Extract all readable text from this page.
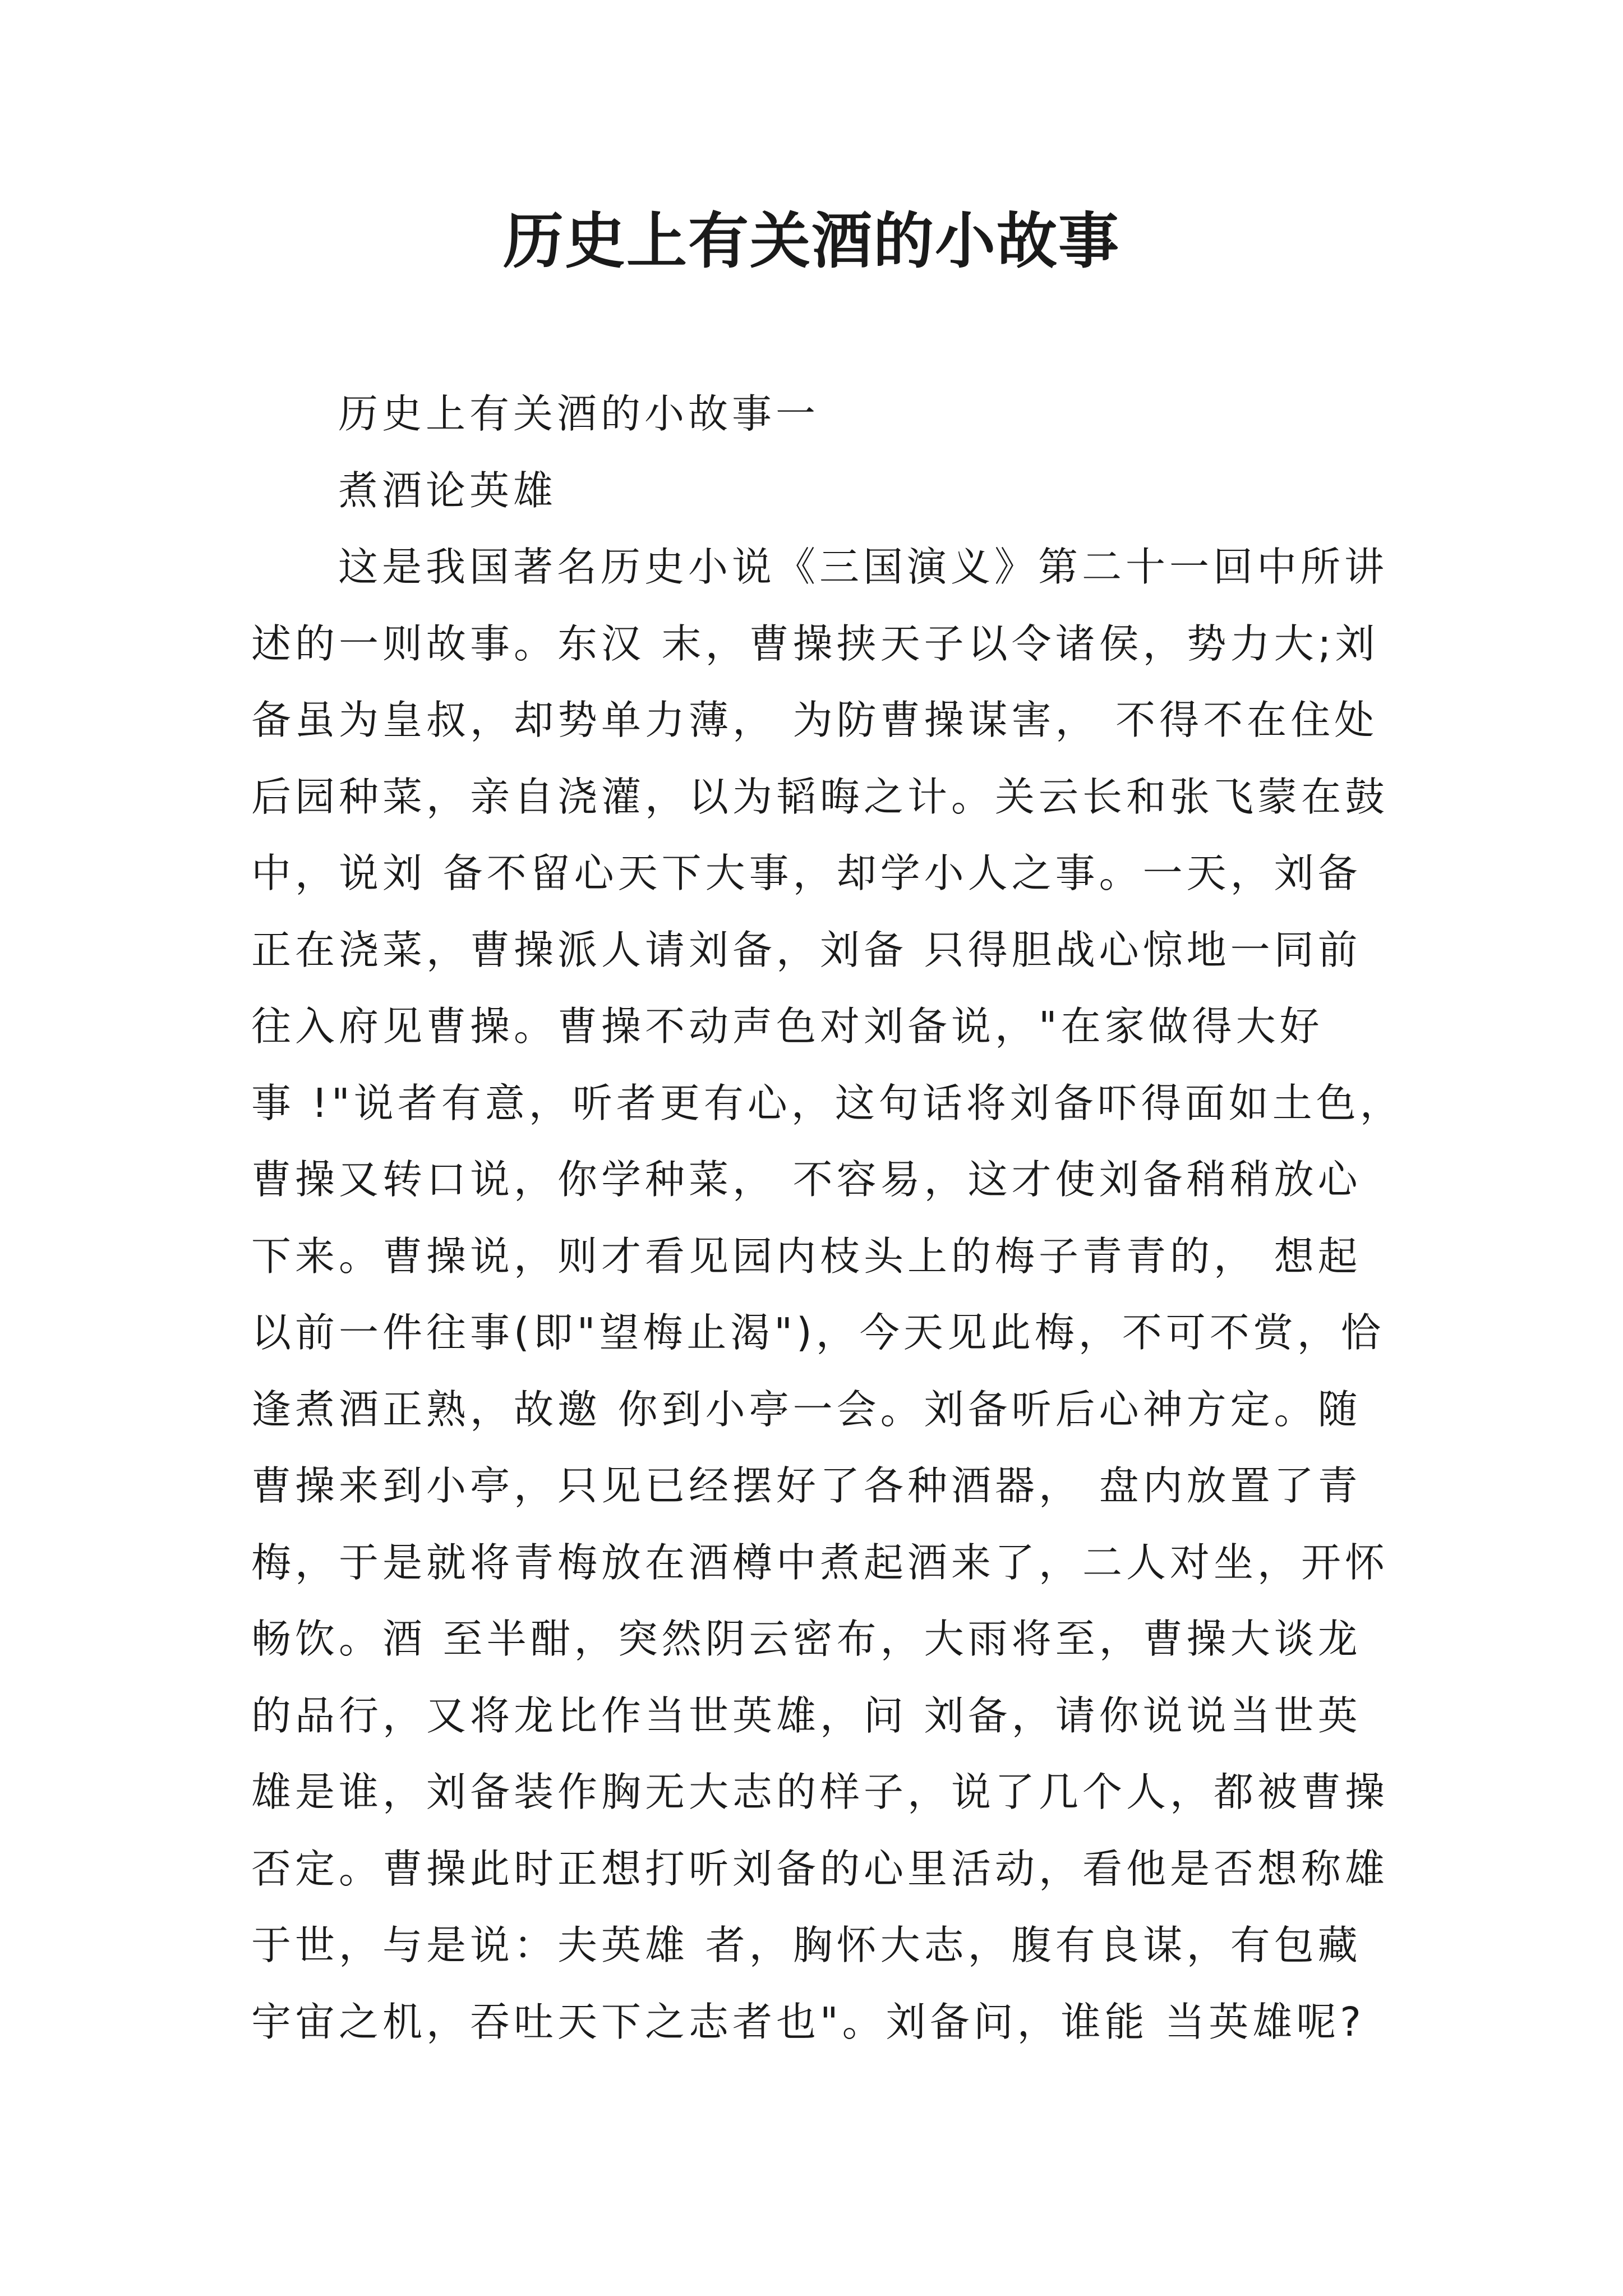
历史上有关酒的小故事
历史上有关酒的小故事一
煮酒论英雄
这是我国著名历史小说《三国演义》第二十一回中所讲
述的一则故事。东汉 末，曹操挟天子以令诸侯，势力大;刘
备虽为皇叔，却势单力薄， 为防曹操谋害， 不得不在住处
后园种菜，亲自浇灌，以为韬晦之计。关云长和张飞蒙在鼓
中，说刘 备不留心天下大事，却学小人之事。一天，刘备
正在浇菜，曹操派人请刘备，刘备 只得胆战心惊地一同前
往入府见曹操。曹操不动声色对刘备说，"在家做得大好
事 !"说者有意，听者更有心，这句话将刘备吓得面如土色，
曹操又转口说，你学种菜， 不容易，这才使刘备稍稍放心
下来。曹操说，则才看见园内枝头上的梅子青青的， 想起
以前一件往事(即"望梅止渴")，今天见此梅，不可不赏，恰
逢煮酒正熟，故邀 你到小亭一会。刘备听后心神方定。随
曹操来到小亭，只见已经摆好了各种酒器， 盘内放置了青
梅，于是就将青梅放在酒樽中煮起酒来了，二人对坐，开怀
畅饮。酒 至半酣，突然阴云密布，大雨将至，曹操大谈龙
的品行，又将龙比作当世英雄，问 刘备，请你说说当世英
雄是谁，刘备装作胸无大志的样子，说了几个人，都被曹操
否定。曹操此时正想打听刘备的心里活动，看他是否想称雄
于世，与是说：夫英雄 者，胸怀大志，腹有良谋，有包藏
宇宙之机，吞吐天下之志者也"。刘备问，谁能 当英雄呢?
